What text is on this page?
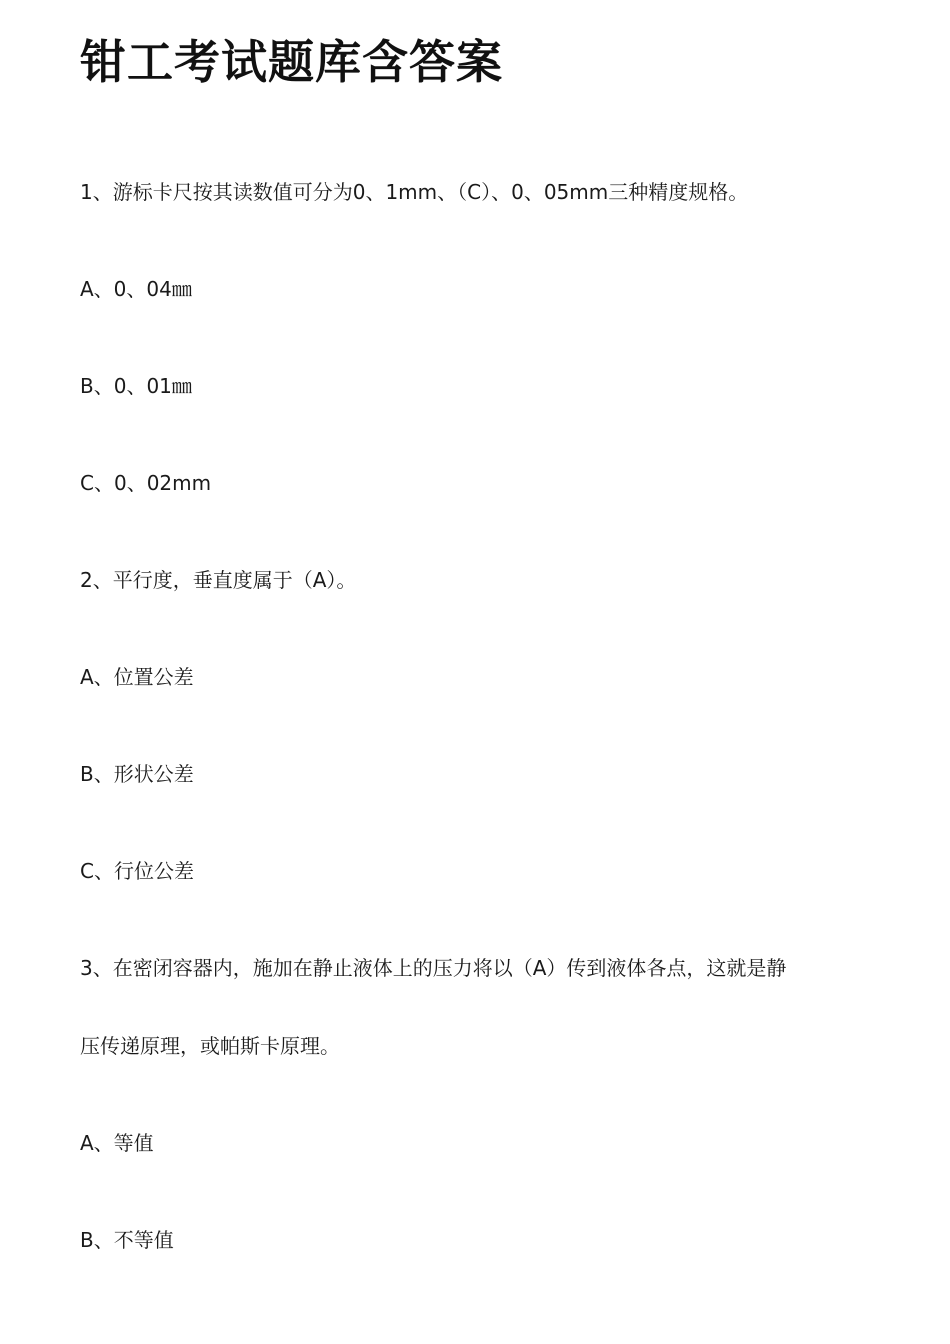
钳工考试题库含答案

1、游标卡尺按其读数值可分为0、1mm、（C）、0、05mm三种精度规格。

A、0、04㎜

B、0、01㎜

C、0、02mm

2、平行度，垂直度属于（A）。

A、位置公差

B、形状公差

C、行位公差

3、在密闭容器内，施加在静止液体上的压力将以（A）传到液体各点，这就是静

压传递原理，或帕斯卡原理。

A、等值

B、不等值
